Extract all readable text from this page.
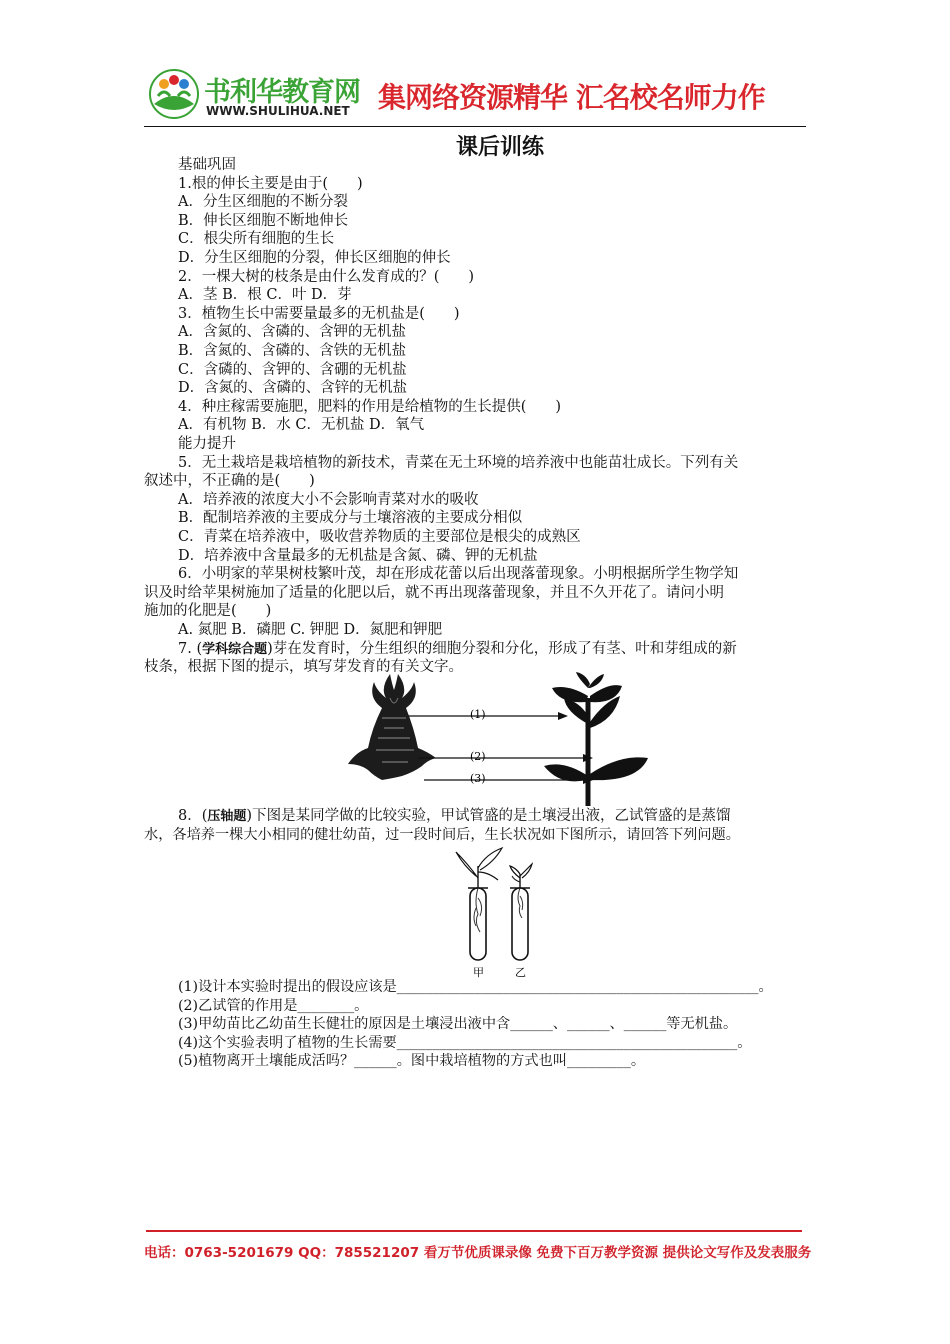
书利华教育网
WWW.SHULIHUA.NET 集网络资源精华 汇名校名师力作
课后训练
基础巩固
1.根的伸长主要是由于(　　)
A．分生区细胞的不断分裂
B．伸长区细胞不断地伸长
C．根尖所有细胞的生长
D．分生区细胞的分裂，伸长区细胞的伸长
2．一棵大树的枝条是由什么发育成的？(　　)
A．茎 B．根 C．叶 D．芽
3．植物生长中需要量最多的无机盐是(　　)
A．含氮的、含磷的、含钾的无机盐
B．含氮的、含磷的、含铁的无机盐
C．含磷的、含钾的、含硼的无机盐
D．含氮的、含磷的、含锌的无机盐
4．种庄稼需要施肥，肥料的作用是给植物的生长提供(　　)
A．有机物 B．水 C．无机盐 D．氧气
能力提升
5．无土栽培是栽培植物的新技术，青菜在无土环境的培养液中也能苗壮成长。下列有关
叙述中，不正确的是(　　)
A．培养液的浓度大小不会影响青菜对水的吸收
B．配制培养液的主要成分与土壤溶液的主要成分相似
C．青菜在培养液中，吸收营养物质的主要部位是根尖的成熟区
D．培养液中含量最多的无机盐是含氮、磷、钾的无机盐
6．小明家的苹果树枝繁叶茂，却在形成花蕾以后出现落蕾现象。小明根据所学生物学知
识及时给苹果树施加了适量的化肥以后，就不再出现落蕾现象，并且不久开花了。请问小明
施加的化肥是(　　)
A. 氮肥 B．磷肥 C. 钾肥 D．氮肥和钾肥
7. (学科综合题)芽在发育时，分生组织的细胞分裂和分化，形成了有茎、叶和芽组成的新
枝条，根据下图的提示，填写芽发育的有关文字。
(1)
(2)
(3)
8．(压轴题)下图是某同学做的比较实验，甲试管盛的是土壤浸出液，乙试管盛的是蒸馏
水，各培养一棵大小相同的健壮幼苗，过一段时间后，生长状况如下图所示，请回答下列问题。
甲	乙
(1)设计本实验时提出的假设应该是___________________________________________________。
(2)乙试管的作用是________。
(3)甲幼苗比乙幼苗生长健壮的原因是土壤浸出液中含______、______、______等无机盐。
(4)这个实验表明了植物的生长需要________________________________________________。
(5)植物离开土壤能成活吗？______。图中栽培植物的方式也叫_________。
电话：0763-5201679 QQ：785521207 看万节优质课录像 免费下百万教学资源 提供论文写作及发表服务
